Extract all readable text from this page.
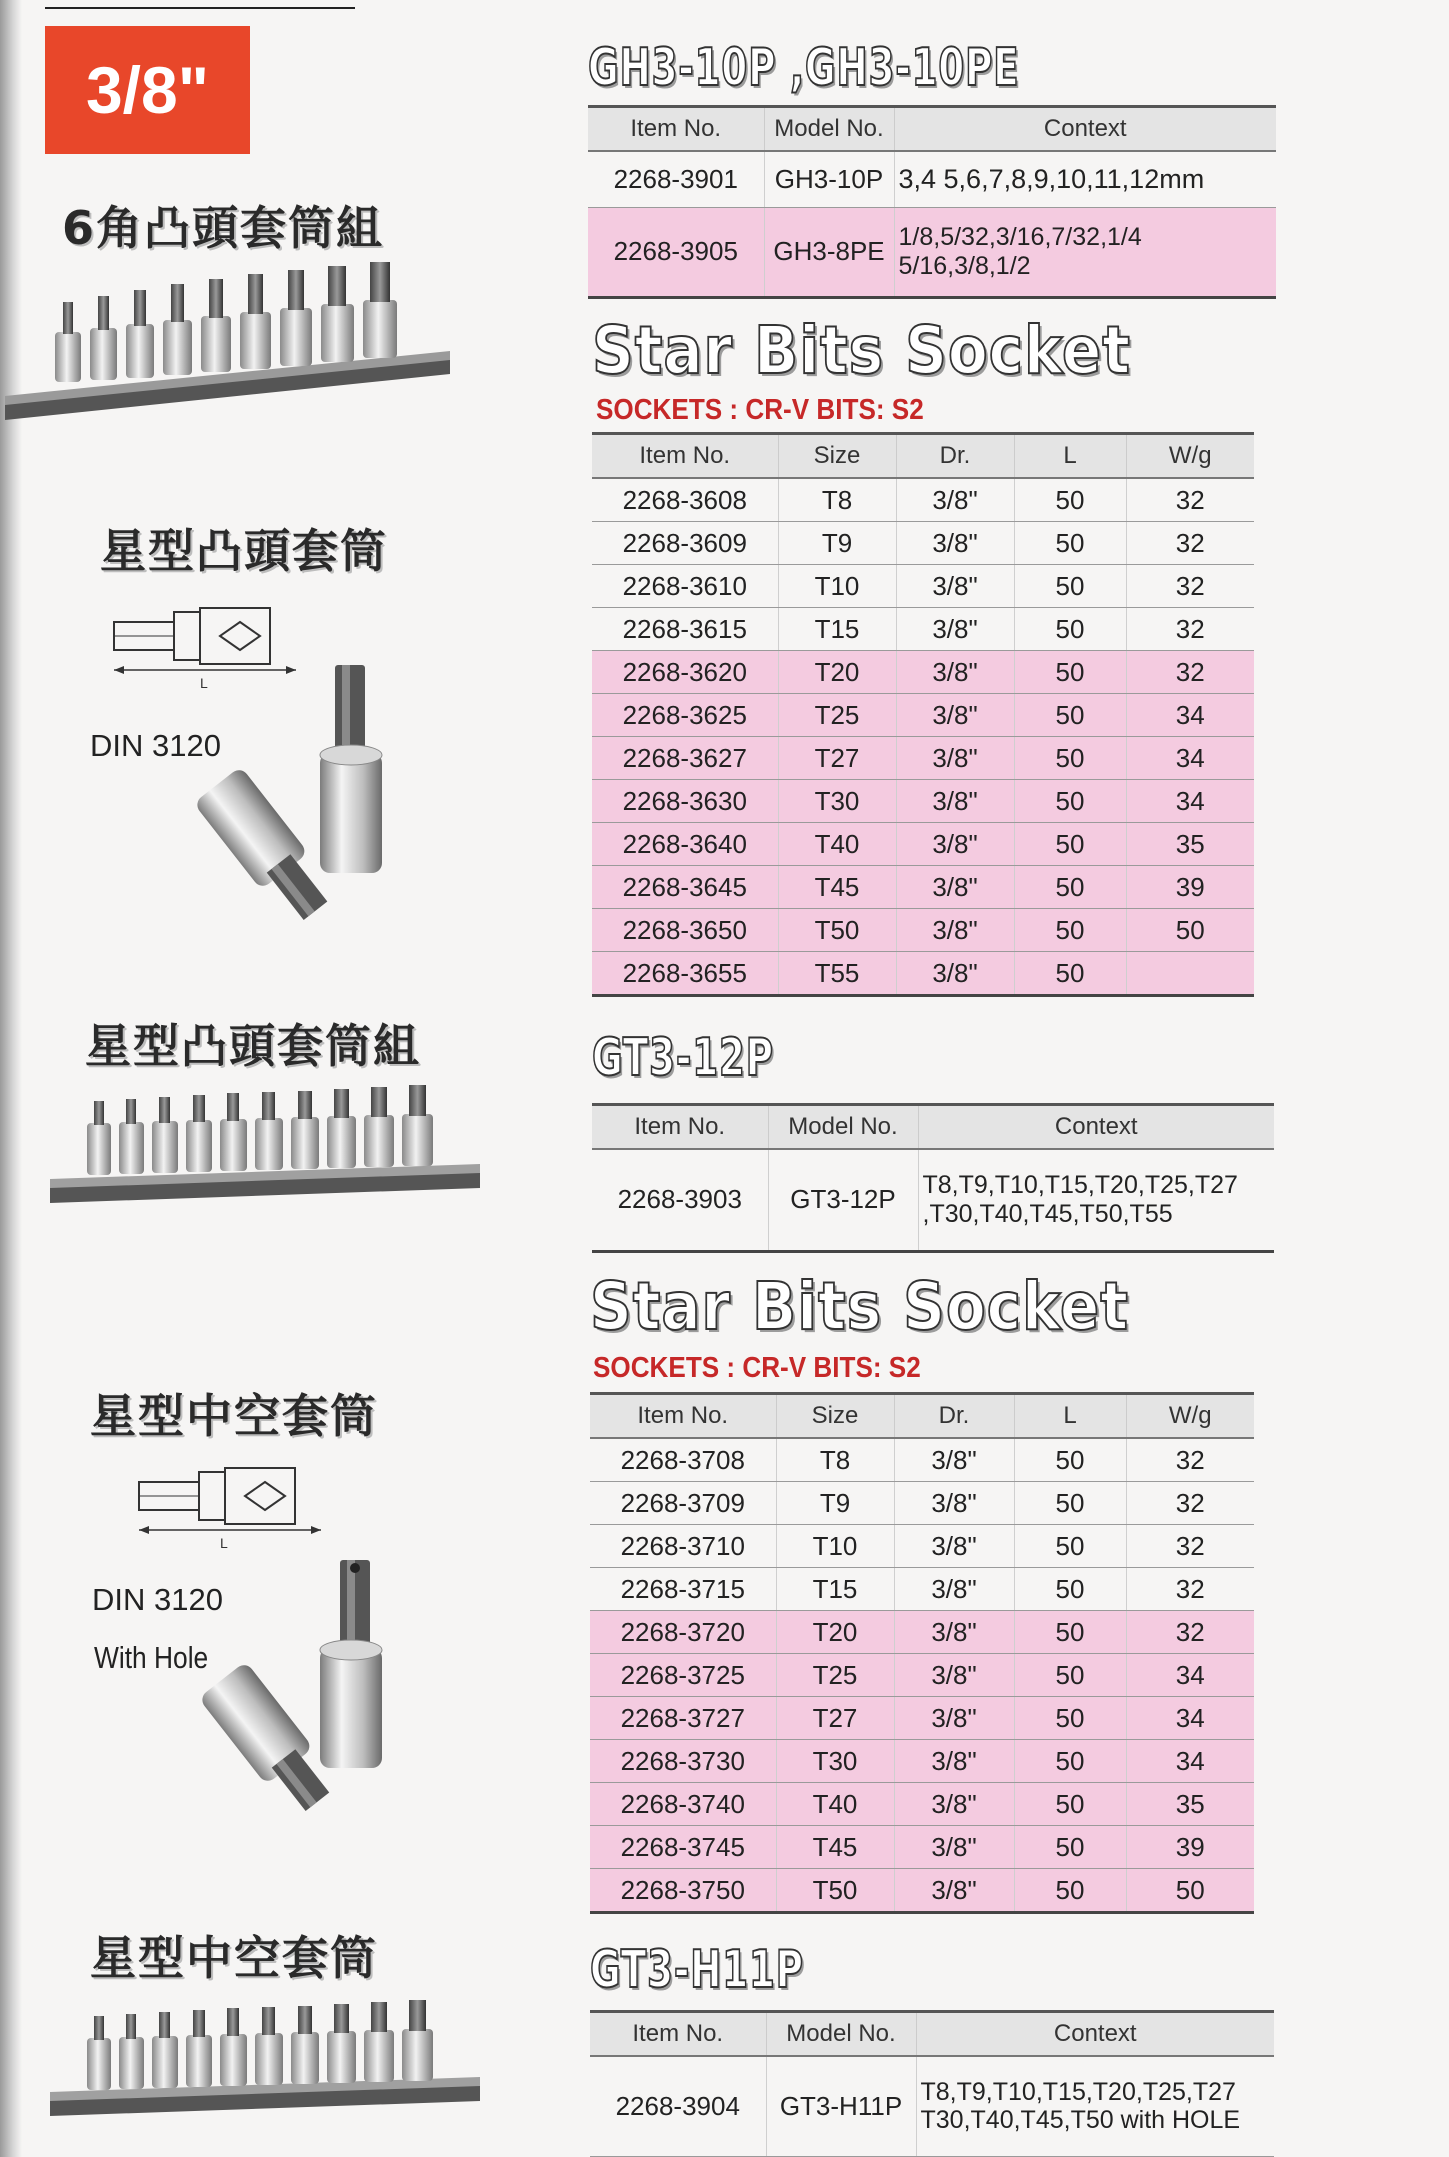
3/8"
6角凸頭套筒組
星型凸頭套筒
L
DIN 3120
星型凸頭套筒組
星型中空套筒
L
DIN 3120
With Hole
星型中空套筒
GH3-10P ,GH3-10PE
Item No.	Model No.	Context
2268-3901	GH3-10P	3,4 5,6,7,8,9,10,11,12mm

2268-3905	GH3-8PE	1/8,5/32,3/16,7/32,1/4
5/16,3/8,1/2
Star Bits Socket
SOCKETS : CR-V BITS: S2
Item No.	Size	Dr.	L	W/g
2268-3608	T8	3/8"	50	32
2268-3609	T9	3/8"	50	32
2268-3610	T10	3/8"	50	32
2268-3615	T15	3/8"	50	32
2268-3620	T20	3/8"	50	32
2268-3625	T25	3/8"	50	34
2268-3627	T27	3/8"	50	34
2268-3630	T30	3/8"	50	34
2268-3640	T40	3/8"	50	35
2268-3645	T45	3/8"	50	39
2268-3650	T50	3/8"	50	50
2268-3655	T55	3/8"	50	
GT3-12P
Item No.	Model No.	Context
2268-3903	GT3-12P	T8,T9,T10,T15,T20,T25,T27
,T30,T40,T45,T50,T55
Star Bits Socket
SOCKETS : CR-V BITS: S2
Item No.	Size	Dr.	L	W/g
2268-3708	T8	3/8"	50	32
2268-3709	T9	3/8"	50	32
2268-3710	T10	3/8"	50	32
2268-3715	T15	3/8"	50	32
2268-3720	T20	3/8"	50	32
2268-3725	T25	3/8"	50	34
2268-3727	T27	3/8"	50	34
2268-3730	T30	3/8"	50	34
2268-3740	T40	3/8"	50	35
2268-3745	T45	3/8"	50	39
2268-3750	T50	3/8"	50	50
GT3-H11P
Item No.	Model No.	Context
2268-3904	GT3-H11P	T8,T9,T10,T15,T20,T25,T27
T30,T40,T45,T50 with HOLE
